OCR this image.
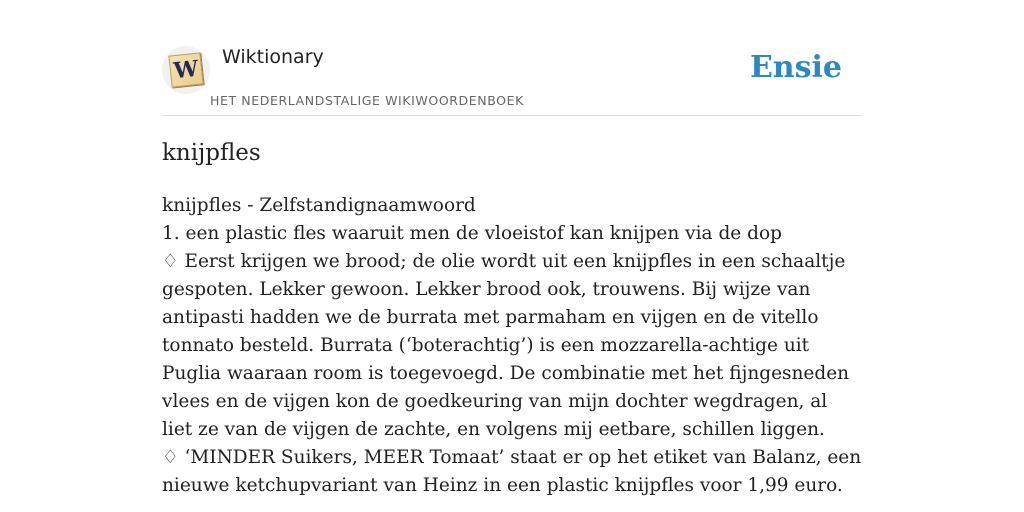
W Wiktionary
HET NEDERLANDSTALIGE WIKIWOORDENBOEK
Ensie
knijpfles

knijpfles - Zelfstandignaamwoord

1. een plastic fles waaruit men de vloeistof kan knijpen via de dop

♢ Eerst krijgen we brood; de olie wordt uit een knijpfles in een schaaltje gespoten. Lekker gewoon. Lekker brood ook, trouwens. Bij wijze van antipasti hadden we de burrata met parmaham en vijgen en de vitello tonnato besteld. Burrata (‘boterachtig’) is een mozzarella-achtige uit Puglia waaraan room is toegevoegd. De combinatie met het fijngesneden vlees en de vijgen kon de goedkeuring van mijn dochter wegdragen, al liet ze van de vijgen de zachte, en volgens mij eetbare, schillen liggen.

♢ ‘MINDER Suikers, MEER Tomaat’ staat er op het etiket van Balanz, een nieuwe ketchupvariant van Heinz in een plastic knijpfles voor 1,99 euro.
